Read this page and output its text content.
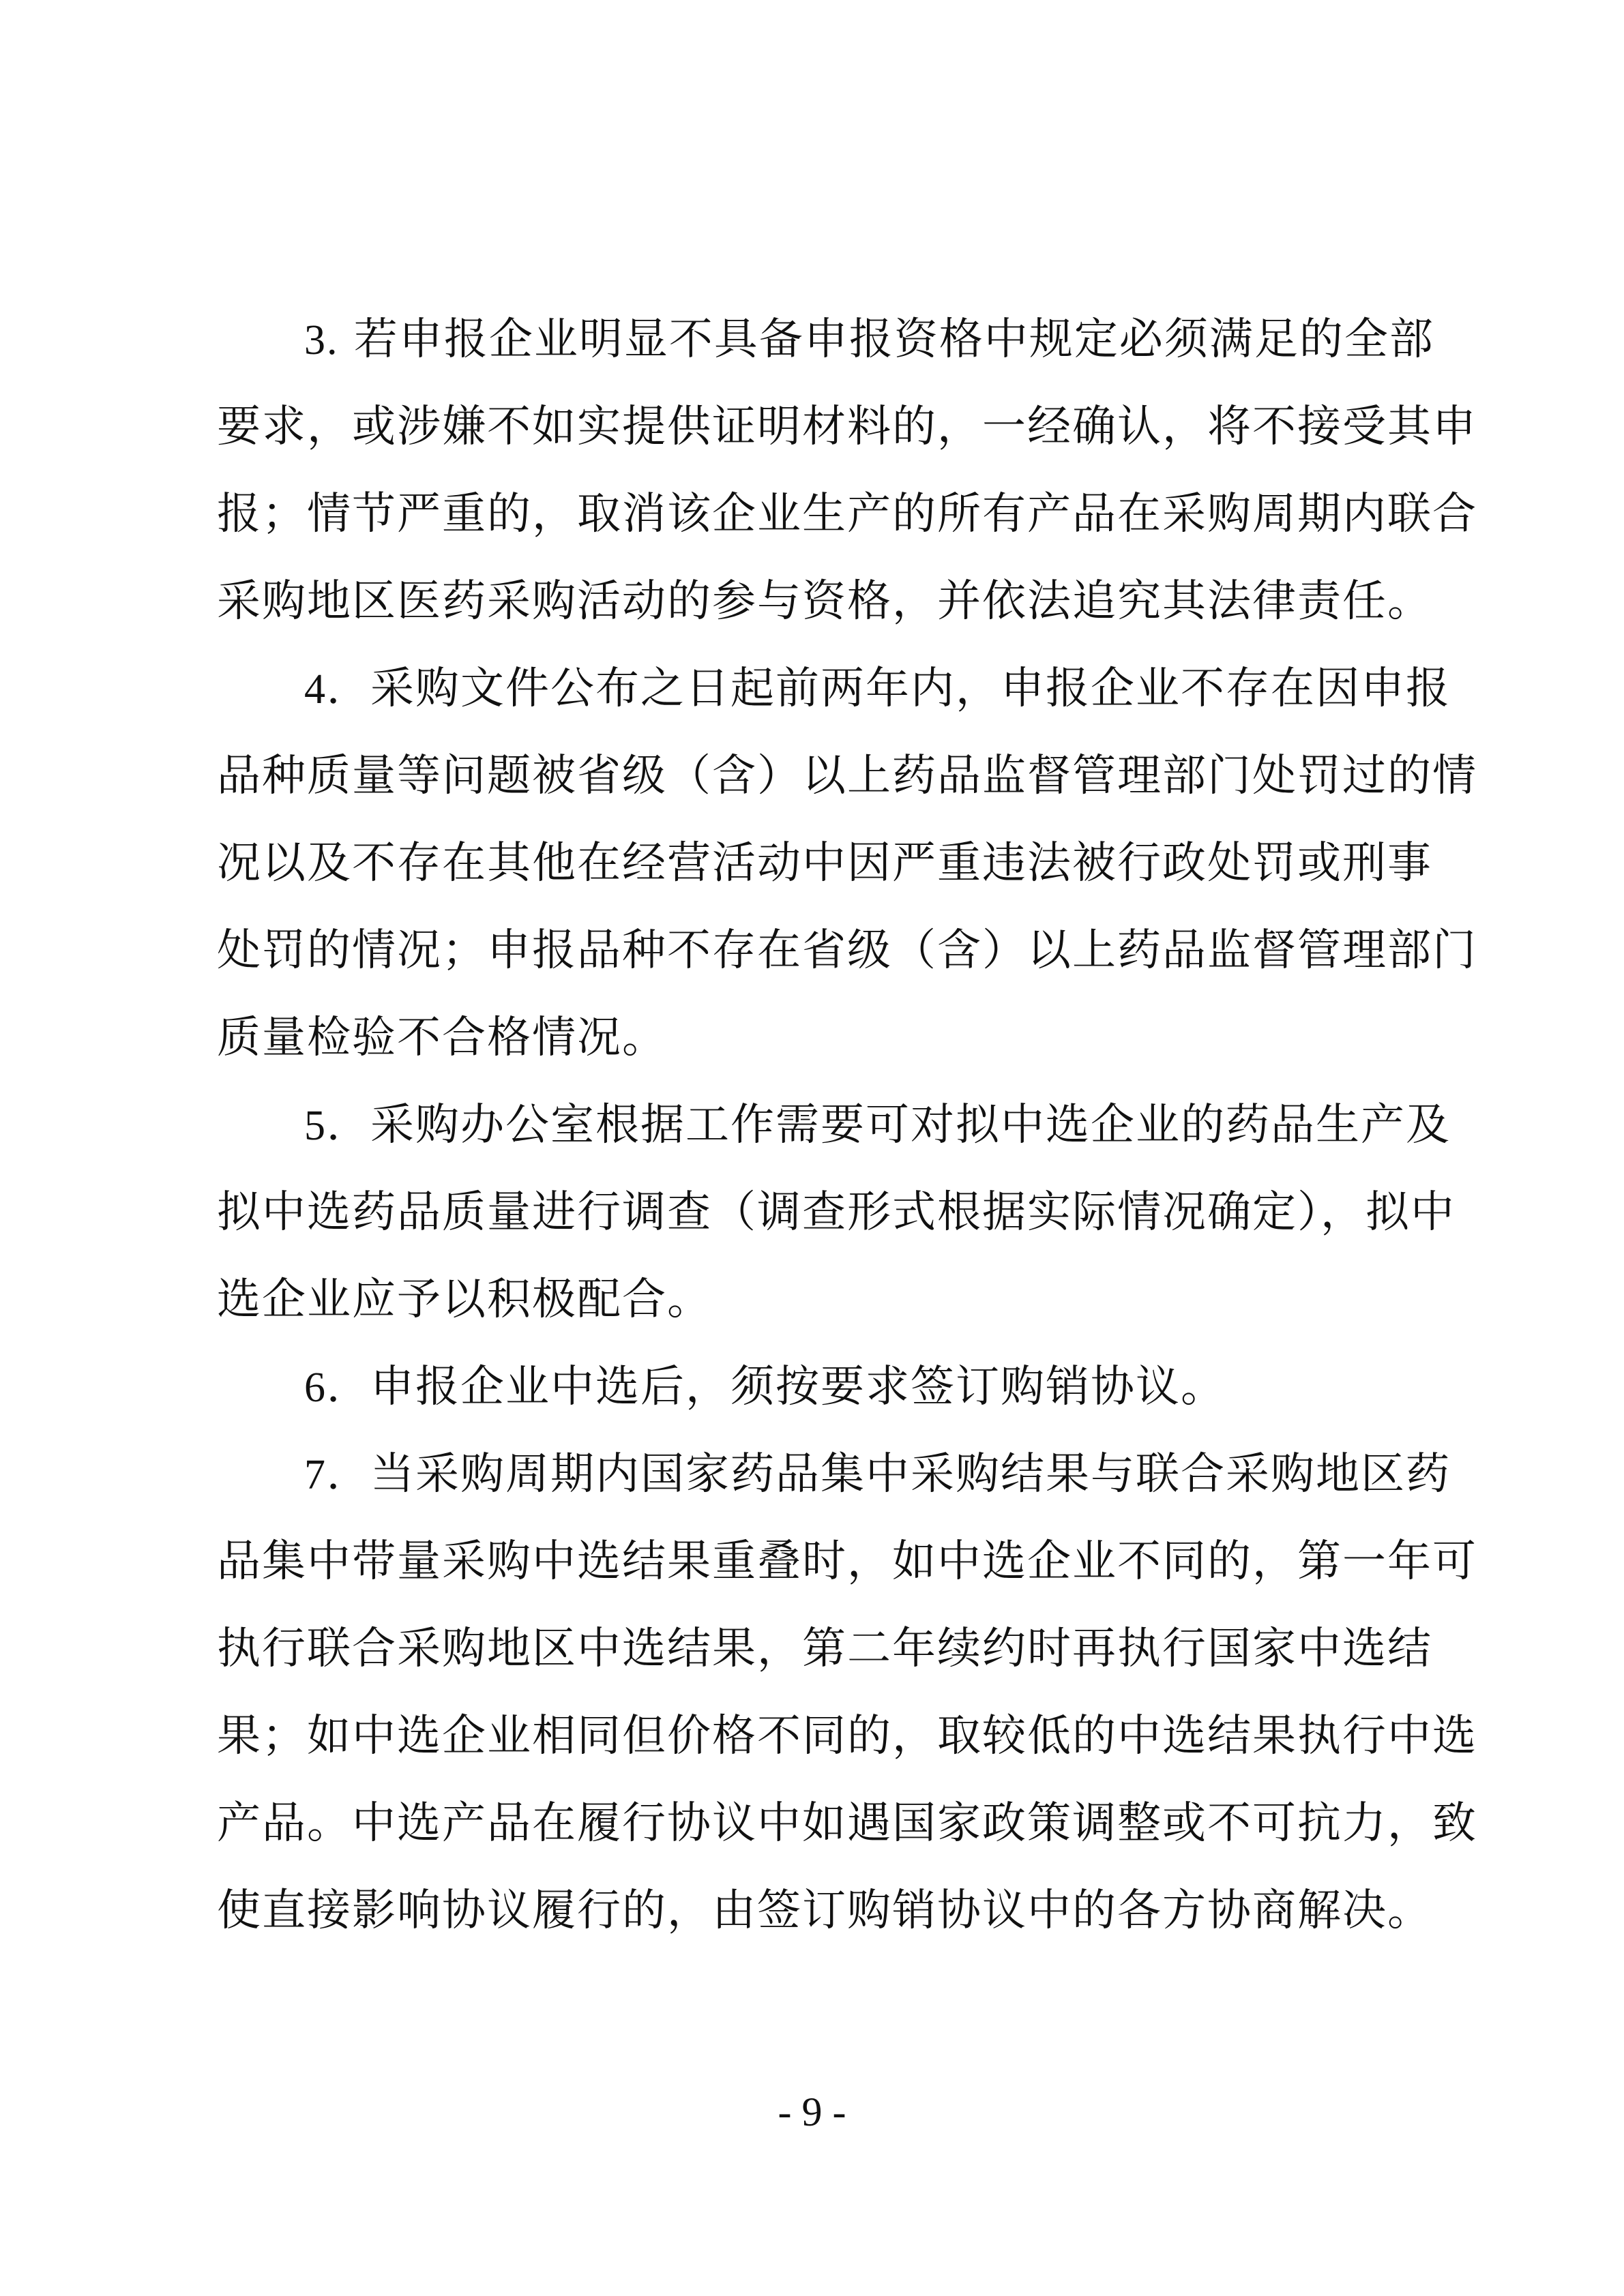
3. 若申报企业明显不具备申报资格中规定必须满足的全部
要求，或涉嫌不如实提供证明材料的，一经确认，将不接受其申
报；情节严重的，取消该企业生产的所有产品在采购周期内联合
采购地区医药采购活动的参与资格，并依法追究其法律责任。
4．采购文件公布之日起前两年内，申报企业不存在因申报
品种质量等问题被省级（含）以上药品监督管理部门处罚过的情
况以及不存在其他在经营活动中因严重违法被行政处罚或刑事
处罚的情况；申报品种不存在省级（含）以上药品监督管理部门
质量检验不合格情况。
5．采购办公室根据工作需要可对拟中选企业的药品生产及
拟中选药品质量进行调查（调查形式根据实际情况确定），拟中
选企业应予以积极配合。
6．申报企业中选后，须按要求签订购销协议。
7．当采购周期内国家药品集中采购结果与联合采购地区药
品集中带量采购中选结果重叠时，如中选企业不同的，第一年可
执行联合采购地区中选结果，第二年续约时再执行国家中选结
果；如中选企业相同但价格不同的，取较低的中选结果执行中选
产品。中选产品在履行协议中如遇国家政策调整或不可抗力，致
使直接影响协议履行的，由签订购销协议中的各方协商解决。
- 9 -
